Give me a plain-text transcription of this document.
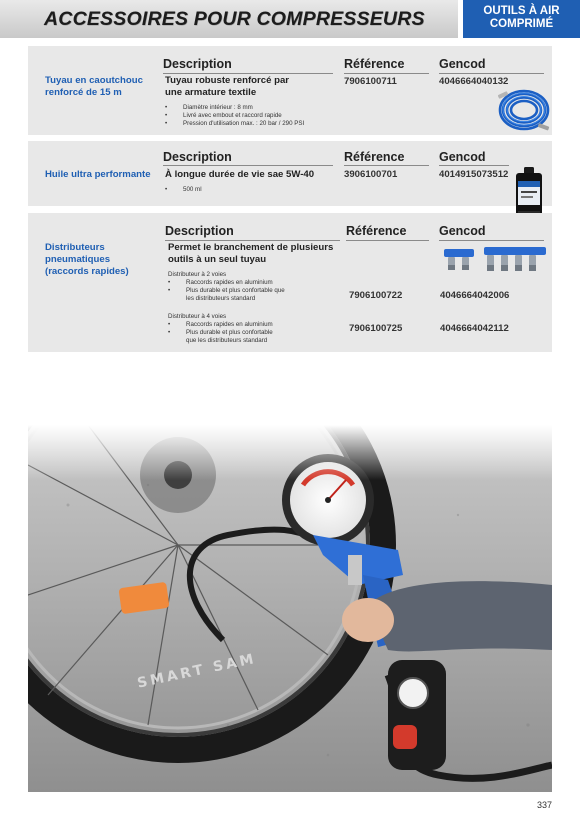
ACCESSOIRES POUR COMPRESSEURS	OUTILS À AIR
COMPRIMÉ
Description	Référence	Gencod
Tuyau en caoutchouc
renforcé de 15 m
Tuyau robuste renforcé par
une armature textile
• Diamètre intérieur : 8 mm
• Livré avec embout et raccord rapide
• Pression d'utilisation max. : 20 bar / 290 PSI
7906100711	4046664040132
Description	Référence	Gencod
Huile ultra performante À longue durée de vie sae 5W-40
• 500 ml
3906100701	4014915073512
Description	Référence	Gencod
Distributeurs
pneumatiques
(raccords rapides)
Permet le branchement de plusieurs
outils à un seul tuyau
Distributeur à 2 voies
• Raccords rapides en aluminium
• Plus durable et plus confortable que
les distributeurs standard	7906100722	4046664042006
Distributeur à 4 voies
• Raccords rapides en aluminium
• Plus durable et plus confortable
que les distributeurs standard
7906100725	4046664042112
337
